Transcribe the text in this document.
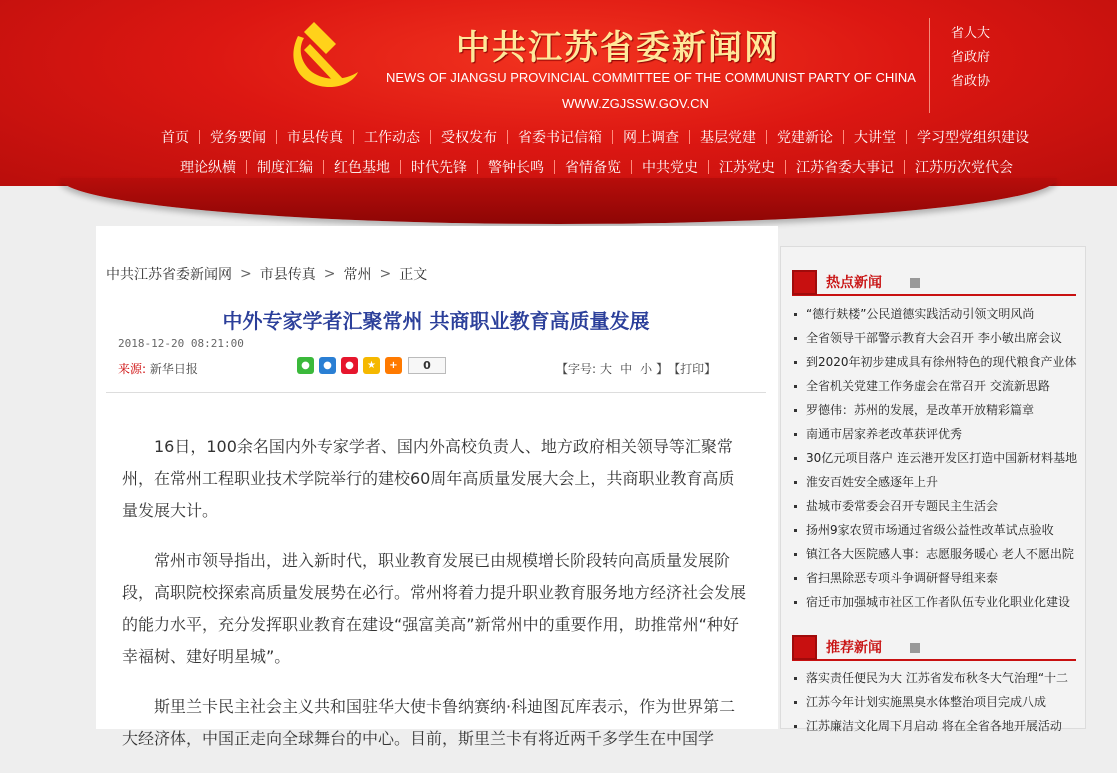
中共江苏省委新闻网
NEWS OF JIANGSU PROVINCIAL COMMITTEE OF THE COMMUNIST PARTY OF CHINA
WWW.ZGJSSW.GOV.CN
省人大
省政府
省政协
首页 党务要闻 市县传真 工作动态 受权发布 省委书记信箱 网上调查 基层党建 党建新论 大讲堂 学习型党组织建设
理论纵横 制度汇编 红色基地 时代先锋 警钟长鸣 省情备览 中共党史 江苏党史 江苏省委大事记 江苏历次党代会
中共江苏省委新闻网 > 市县传真 > 常州 > 正文
中外专家学者汇聚常州 共商职业教育高质量发展
2018-12-20 08:21:00
来源: 新华日报	●	●	●	★	+	0	【字号: 大 中 小 】 【打印】

16日，100余名国内外专家学者、国内外高校负责人、地方政府相关领导等汇聚常州，在常州工程职业技术学院举行的建校60周年高质量发展大会上，共商职业教育高质量发展大计。

常州市领导指出，进入新时代，职业教育发展已由规模增长阶段转向高质量发展阶段，高职院校探索高质量发展势在必行。常州将着力提升职业教育服务地方经济社会发展的能力水平，充分发挥职业教育在建设“强富美高”新常州中的重要作用，助推常州“种好幸福树、建好明星城”。

斯里兰卡民主社会主义共和国驻华大使卡鲁纳赛纳·科迪图瓦库表示，作为世界第二大经济体，中国正走向全球舞台的中心。目前，斯里兰卡有将近两千多学生在中国学

热点新闻
“德行麸楼”公民道德实践活动引领文明风尚
全省领导干部警示教育大会召开 李小敏出席会议
到2020年初步建成具有徐州特色的现代粮食产业体
全省机关党建工作务虚会在常召开 交流新思路
罗德伟：苏州的发展，是改革开放精彩篇章
南通市居家养老改革获评优秀
30亿元项目落户 连云港开发区打造中国新材料基地
淮安百姓安全感逐年上升
盐城市委常委会召开专题民主生活会
扬州9家农贸市场通过省级公益性改革试点验收
镇江各大医院感人事：志愿服务暖心 老人不愿出院
省扫黑除恶专项斗争调研督导组来泰
宿迁市加强城市社区工作者队伍专业化职业化建设
推荐新闻
落实责任便民为大 江苏省发布秋冬大气治理“十二
江苏今年计划实施黑臭水体整治项目完成八成
江苏廉洁文化周下月启动 将在全省各地开展活动
